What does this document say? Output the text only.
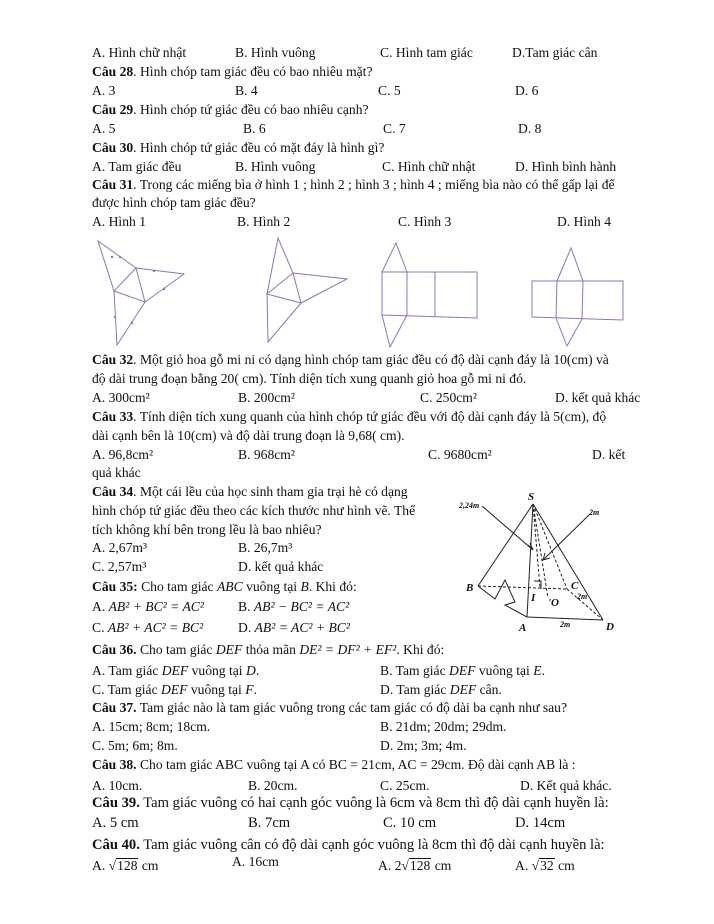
A. Hình chữ nhật	B. Hình vuông	C. Hình tam giác	D.Tam giác cân
Câu 28. Hình chóp tam giác đều có bao nhiêu mặt?
A. 3	B. 4	C. 5	D. 6
Câu 29. Hình chóp tứ giác đều có bao nhiêu cạnh?
A. 5	B. 6	C. 7	D. 8
Câu 30. Hình chóp tứ giác đều có mặt đáy là hình gì?
A. Tam giác đều	B. Hình vuông	C. Hình chữ nhật	D. Hình bình hành
Câu 31. Trong các miếng bìa ở hình 1 ; hình 2 ; hình 3 ; hình 4 ; miếng bìa nào có thể gấp lại để
được hình chóp tam giác đều?
A. Hình 1	B. Hình 2	C. Hình 3	D. Hình 4
Câu 32. Một giỏ hoa gỗ mi ni có dạng hình chóp tam giác đều có độ dài cạnh đáy là 10(cm) và
độ dài trung đoạn bằng 20( cm). Tính diện tích xung quanh giỏ hoa gỗ mi ni đó.
A. 300cm²	B. 200cm²	C. 250cm²	D. kết quả khác
Câu 33. Tính diện tích xung quanh của hình chóp tứ giác đều với độ dài cạnh đáy là 5(cm), độ
dài cạnh bên là 10(cm) và độ dài trung đoạn là 9,68( cm).
A. 96,8cm²	B. 968cm²	C. 9680cm²	D. kết
quả khác
Câu 34. Một cái lều của học sinh tham gia trại hè có dạng
hình chóp tứ giác đều theo các kích thước như hình vẽ. Thể
tích không khí bên trong lều là bao nhiêu?
A. 2,67m³	B. 26,7m³
C. 2,57m³	D. kết quả khác
Câu 35: Cho tam giác ABC vuông tại B. Khi đó:
A. AB² + BC² = AC²	B. AB² − BC² = AC²
C. AB² + AC² = BC²	D. AB² = AC² + BC²
Câu 36. Cho tam giác DEF thỏa mãn DE² = DF² + EF². Khi đó:
A. Tam giác DEF vuông tại D.	B. Tam giác DEF vuông tại E.
C. Tam giác DEF vuông tại F.	D. Tam giác DEF cân.
Câu 37. Tam giác nào là tam giác vuông trong các tam giác có độ dài ba cạnh như sau?
A. 15cm; 8cm; 18cm.	B. 21dm; 20dm; 29dm.
C. 5m; 6m; 8m.	D. 2m; 3m; 4m.
Câu 38. Cho tam giác ABC vuông tại A có BC = 21cm, AC = 29cm. Độ dài cạnh AB là :
A. 10cm.	B. 20cm.	C. 25cm.	D. Kết quả khác.
Câu 39. Tam giác vuông có hai cạnh góc vuông là 6cm và 8cm thì độ dài cạnh huyền là:
A. 5 cm	B. 7cm	C. 10 cm	D. 14cm
Câu 40. Tam giác vuông cân có độ dài cạnh góc vuông là 8cm thì độ dài cạnh huyền là:
A. √128 cm	A. 16cm	A. 2√128 cm	A. √32 cm
S
B	C
A	D
I 'O
2,24m
2m
2m
2m
